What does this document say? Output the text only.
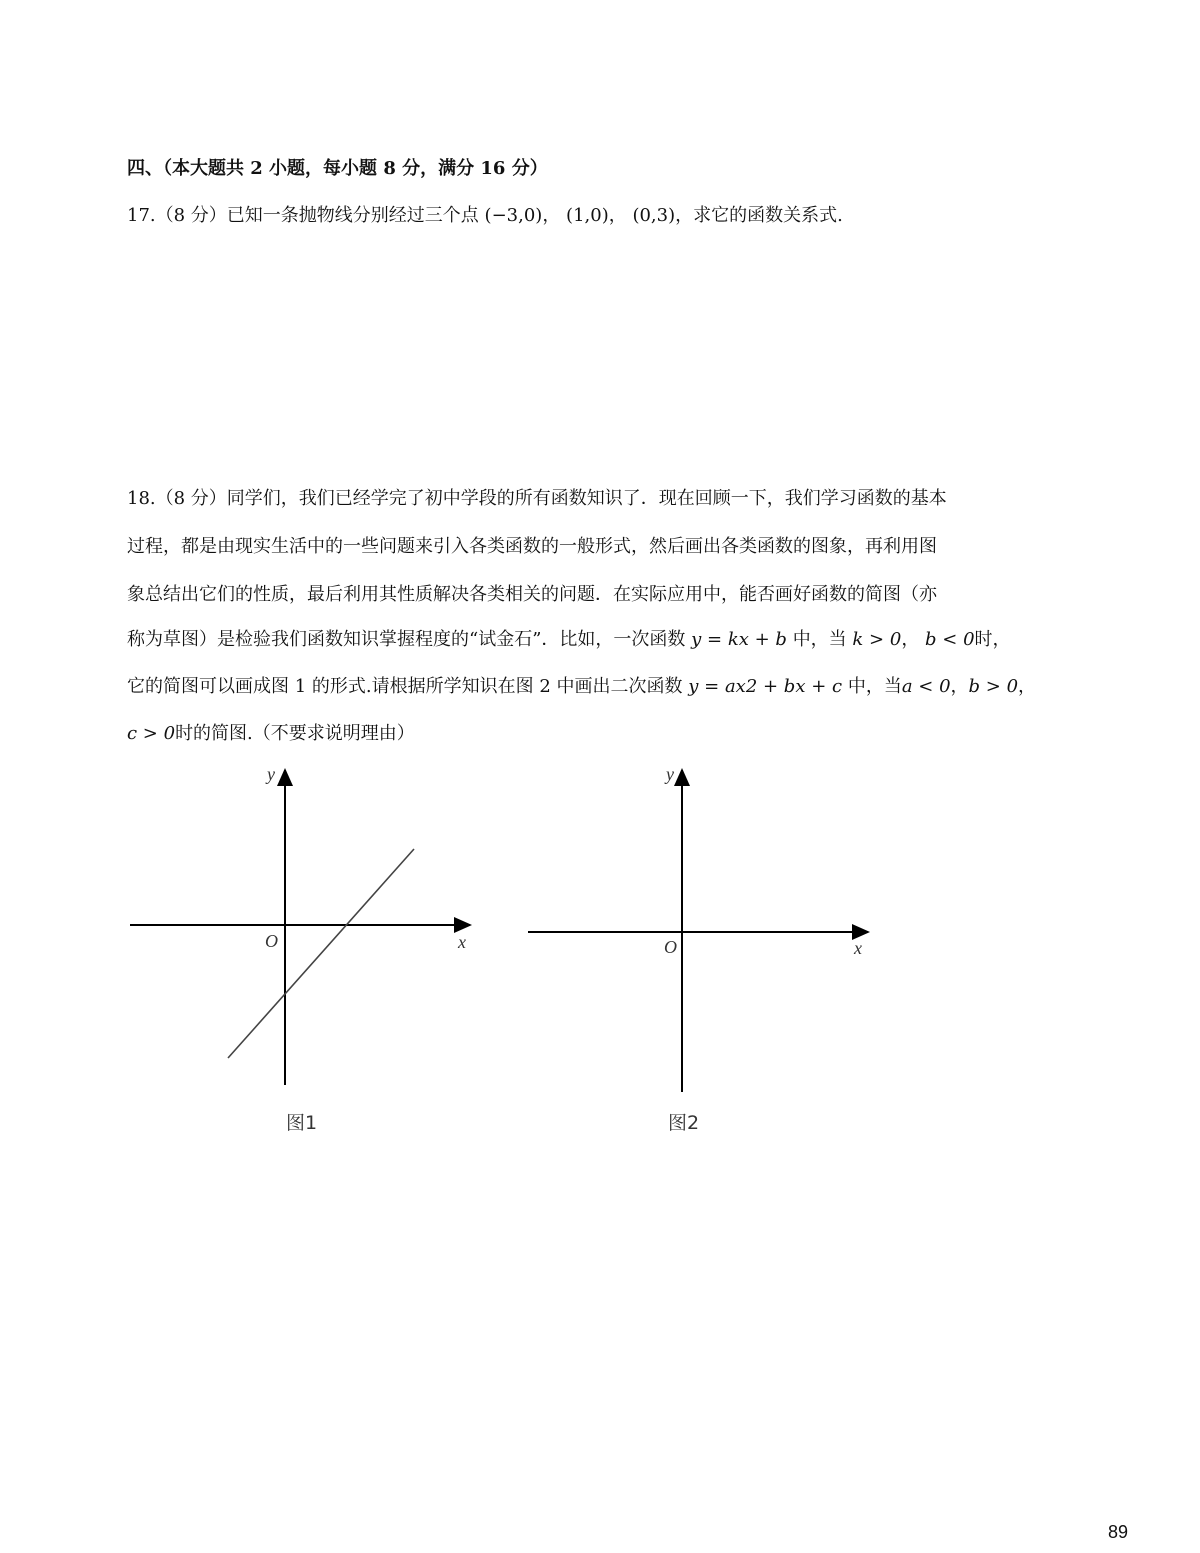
四、（本大题共 2 小题，每小题 8 分，满分 16 分）
17.（8 分）已知一条抛物线分别经过三个点 (−3,0)， (1,0)， (0,3)，求它的函数关系式.
18.（8 分）同学们，我们已经学完了初中学段的所有函数知识了．现在回顾一下，我们学习函数的基本
过程，都是由现实生活中的一些问题来引入各类函数的一般形式，然后画出各类函数的图象，再利用图
象总结出它们的性质，最后利用其性质解决各类相关的问题．在实际应用中，能否画好函数的简图（亦
称为草图）是检验我们函数知识掌握程度的“试金石”．比如，一次函数 y = kx + b 中，当 k > 0， b < 0时，
它的简图可以画成图 1 的形式.请根据所学知识在图 2 中画出二次函数 y = ax2 + bx + c 中，当a < 0，b > 0，
c > 0时的简图.（不要求说明理由）
y
x
O
图1
y
x
O
图2
89
